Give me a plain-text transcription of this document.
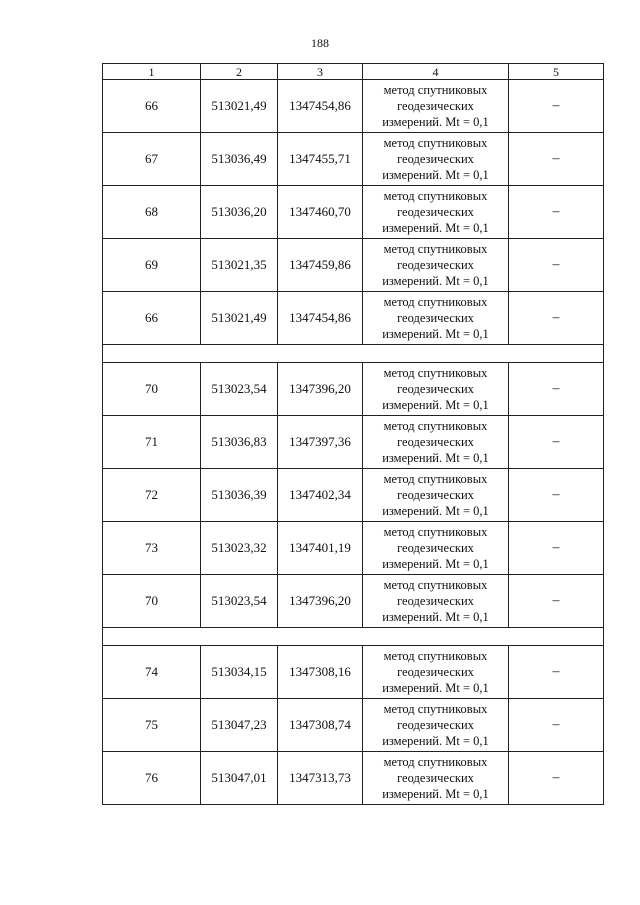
188
1	2	3	4	5
66	513021,49	1347454,86	метод спутниковых
геодезических
измерений. Mt = 0,1	–
67	513036,49	1347455,71	метод спутниковых
геодезических
измерений. Mt = 0,1	–
68	513036,20	1347460,70	метод спутниковых
геодезических
измерений. Mt = 0,1	–
69	513021,35	1347459,86	метод спутниковых
геодезических
измерений. Mt = 0,1	–
66	513021,49	1347454,86	метод спутниковых
геодезических
измерений. Mt = 0,1	–

70	513023,54	1347396,20	метод спутниковых
геодезических
измерений. Mt = 0,1	–
71	513036,83	1347397,36	метод спутниковых
геодезических
измерений. Mt = 0,1	–
72	513036,39	1347402,34	метод спутниковых
геодезических
измерений. Mt = 0,1	–
73	513023,32	1347401,19	метод спутниковых
геодезических
измерений. Mt = 0,1	–
70	513023,54	1347396,20	метод спутниковых
геодезических
измерений. Mt = 0,1	–

74	513034,15	1347308,16	метод спутниковых
геодезических
измерений. Mt = 0,1	–
75	513047,23	1347308,74	метод спутниковых
геодезических
измерений. Mt = 0,1	–
76	513047,01	1347313,73	метод спутниковых
геодезических
измерений. Mt = 0,1	–
